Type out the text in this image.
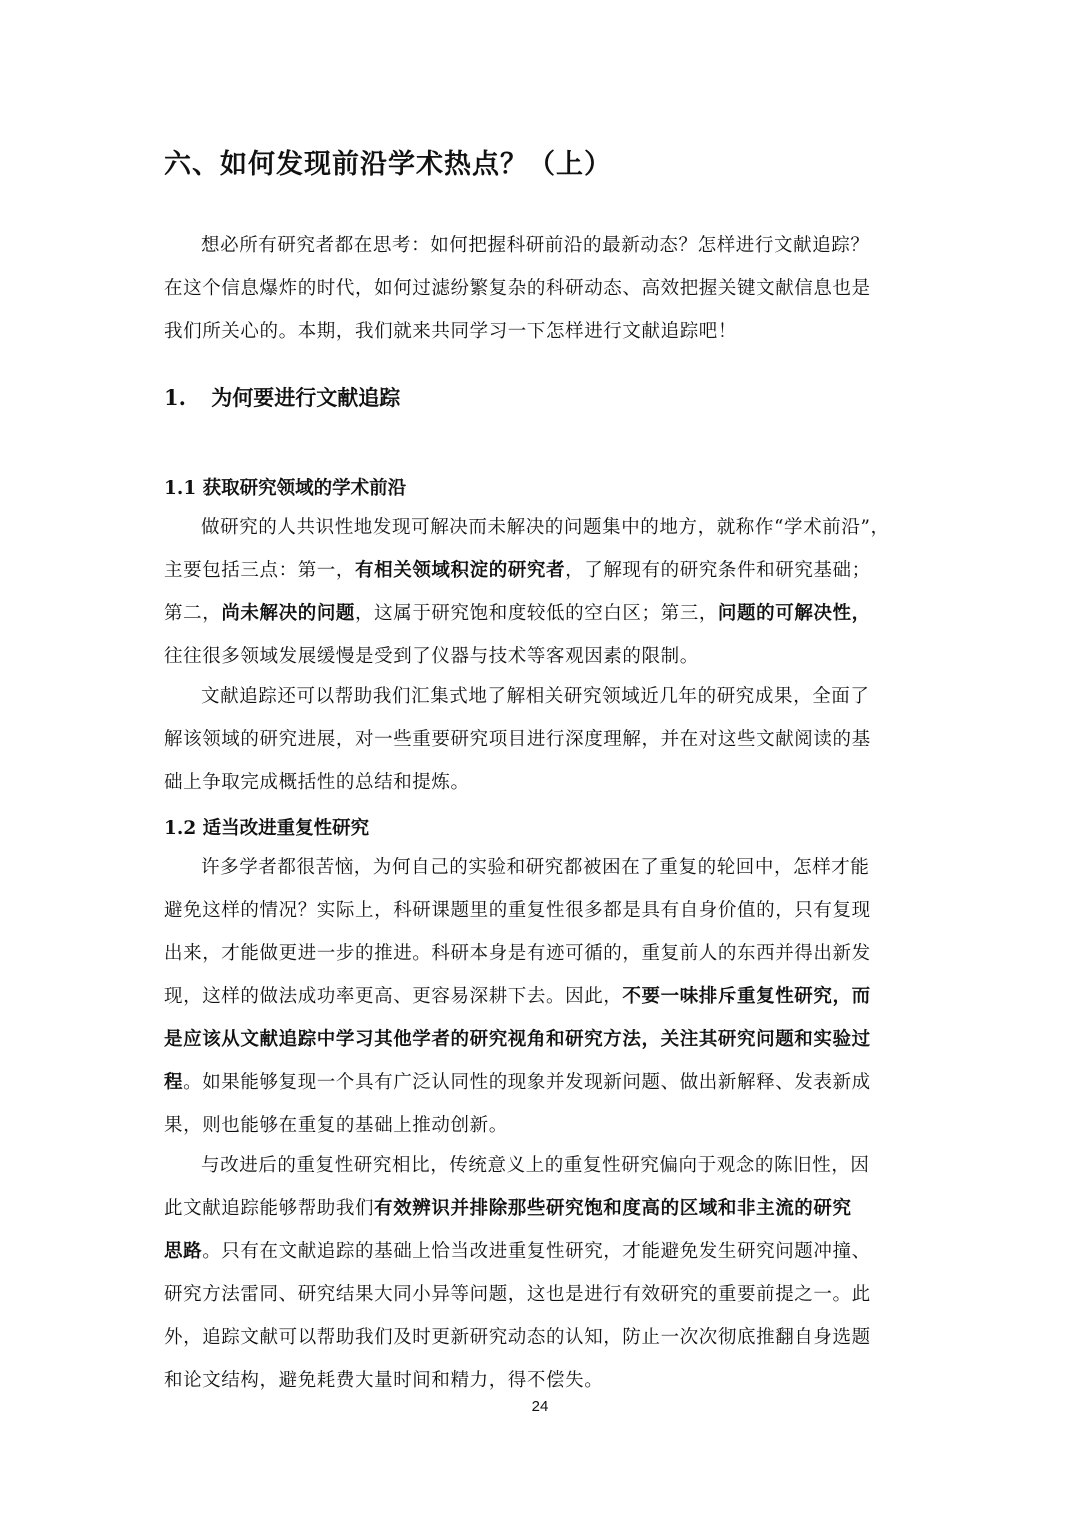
六、如何发现前沿学术热点？（上）
想必所有研究者都在思考：如何把握科研前沿的最新动态？怎样进行文献追踪？
在这个信息爆炸的时代，如何过滤纷繁复杂的科研动态、高效把握关键文献信息也是
我们所关心的。本期，我们就来共同学习一下怎样进行文献追踪吧！
1. 为何要进行文献追踪
1.1 获取研究领域的学术前沿
做研究的人共识性地发现可解决而未解决的问题集中的地方，就称作“学术前沿”，
主要包括三点：第一，有相关领域积淀的研究者，了解现有的研究条件和研究基础；
第二，尚未解决的问题，这属于研究饱和度较低的空白区；第三，问题的可解决性，
往往很多领域发展缓慢是受到了仪器与技术等客观因素的限制。
文献追踪还可以帮助我们汇集式地了解相关研究领域近几年的研究成果，全面了
解该领域的研究进展，对一些重要研究项目进行深度理解，并在对这些文献阅读的基
础上争取完成概括性的总结和提炼。
1.2 适当改进重复性研究
许多学者都很苦恼，为何自己的实验和研究都被困在了重复的轮回中，怎样才能
避免这样的情况？实际上，科研课题里的重复性很多都是具有自身价值的，只有复现
出来，才能做更进一步的推进。科研本身是有迹可循的，重复前人的东西并得出新发
现，这样的做法成功率更高、更容易深耕下去。因此，不要一味排斥重复性研究，而
是应该从文献追踪中学习其他学者的研究视角和研究方法，关注其研究问题和实验过
程。如果能够复现一个具有广泛认同性的现象并发现新问题、做出新解释、发表新成
果，则也能够在重复的基础上推动创新。
与改进后的重复性研究相比，传统意义上的重复性研究偏向于观念的陈旧性，因
此文献追踪能够帮助我们有效辨识并排除那些研究饱和度高的区域和非主流的研究
思路。只有在文献追踪的基础上恰当改进重复性研究，才能避免发生研究问题冲撞、
研究方法雷同、研究结果大同小异等问题，这也是进行有效研究的重要前提之一。此
外，追踪文献可以帮助我们及时更新研究动态的认知，防止一次次彻底推翻自身选题
和论文结构，避免耗费大量时间和精力，得不偿失。
24
